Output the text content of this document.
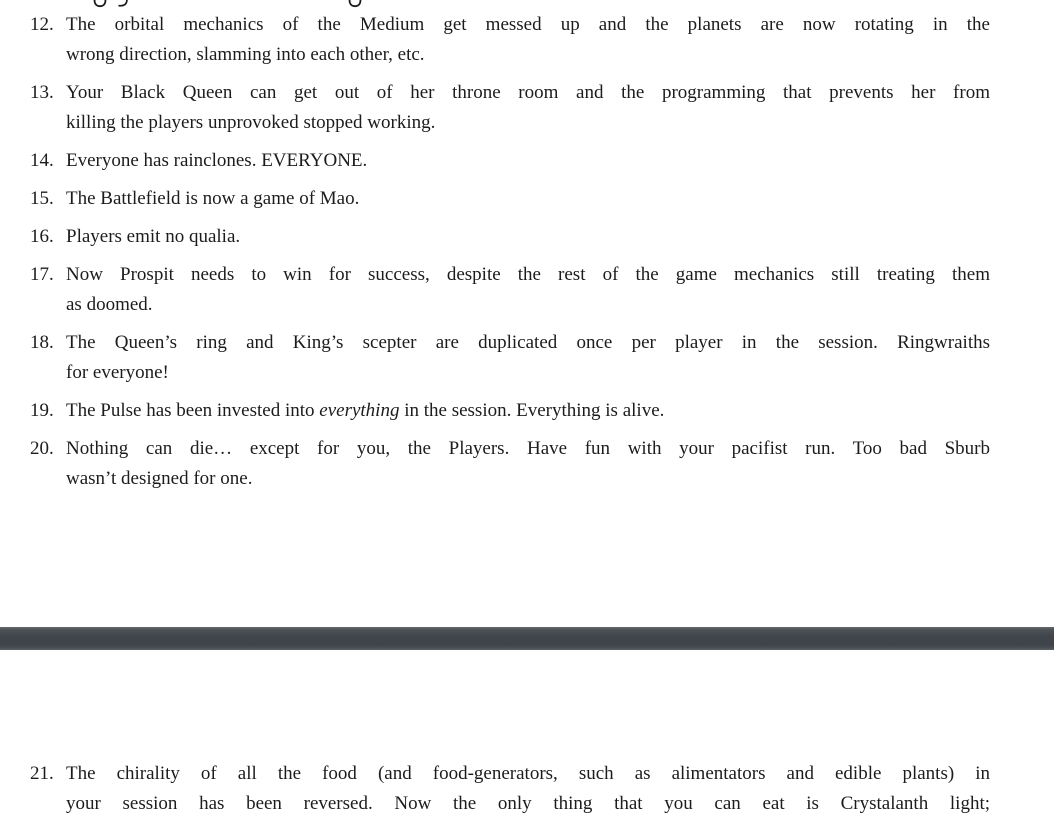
12. The orbital mechanics of the Medium get messed up and the planets are now rotating in the
wrong direction, slamming into each other, etc.
13. Your Black Queen can get out of her throne room and the programming that prevents her from
killing the players unprovoked stopped working.
14. Everyone has rainclones. EVERYONE.
15. The Battlefield is now a game of Mao.
16. Players emit no qualia.
17. Now Prospit needs to win for success, despite the rest of the game mechanics still treating them
as doomed.
18. The Queen’s ring and King’s scepter are duplicated once per player in the session. Ringwraiths
for everyone!
19. The Pulse has been invested into everything in the session. Everything is alive.
20. Nothing can die… except for you, the Players. Have fun with your pacifist run. Too bad Sburb
wasn’t designed for one.
21. The chirality of all the food (and food-generators, such as alimentators and edible plants) in
your session has been reversed. Now the only thing that you can eat is Crystalanth light;
